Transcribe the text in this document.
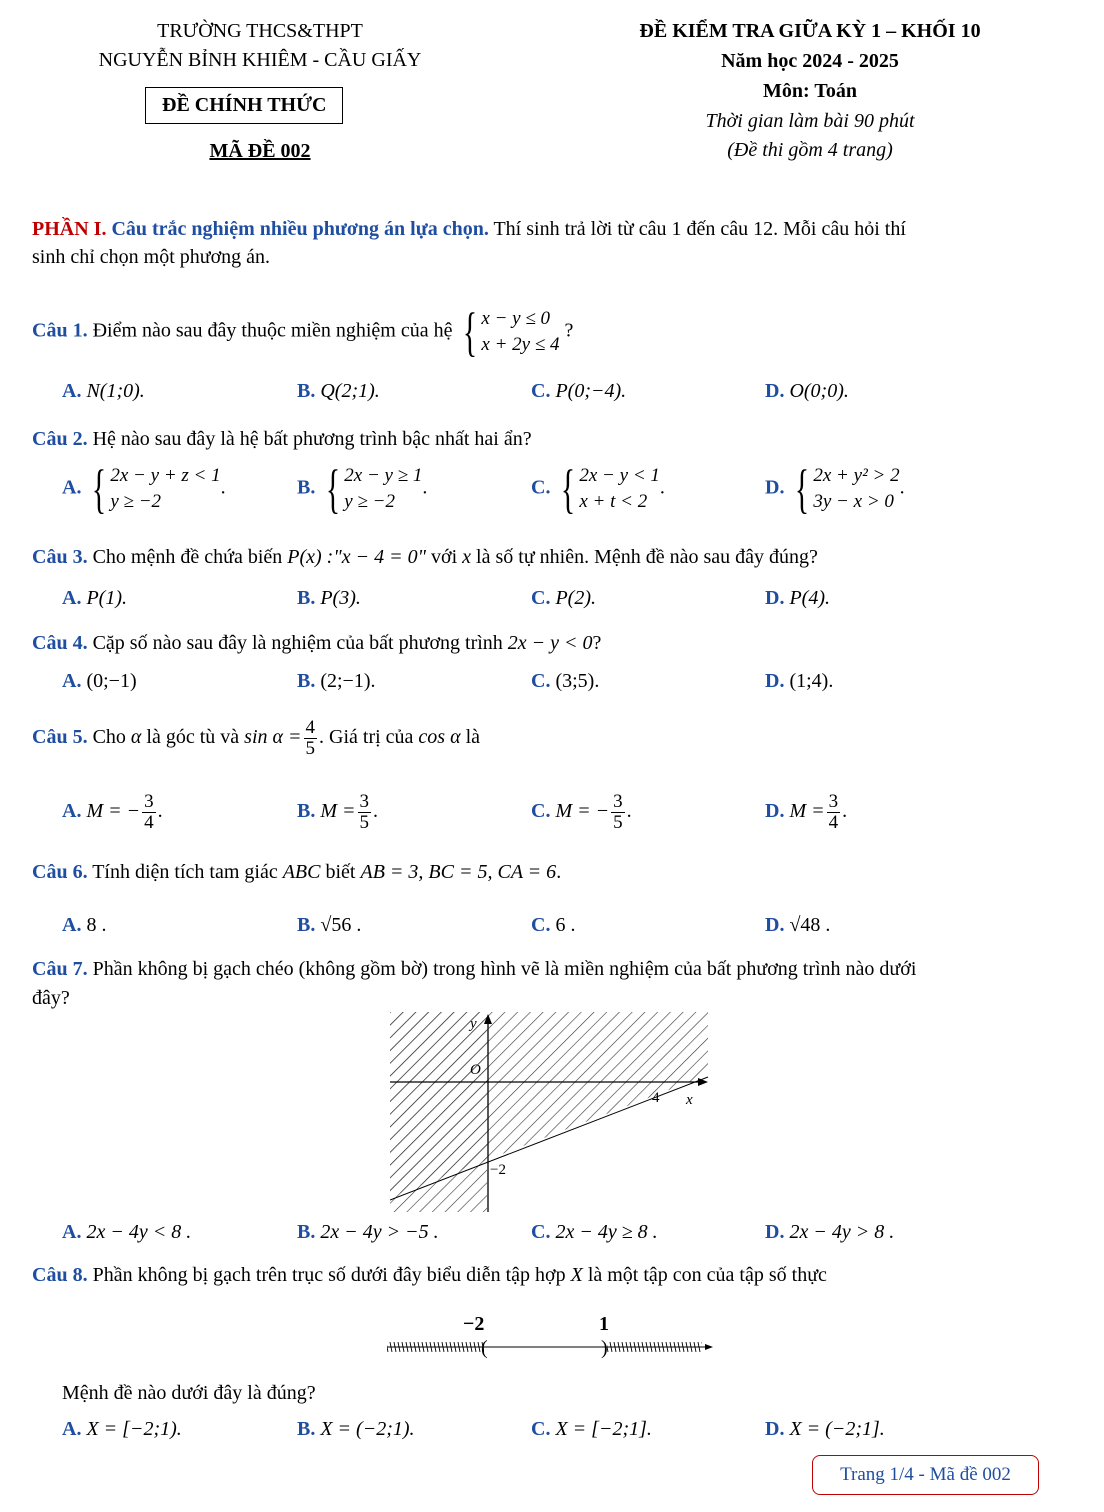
TRƯỜNG THCS&THPT
NGUYỄN BỈNH KHIÊM - CẦU GIẤY
ĐỀ CHÍNH THỨC
MÃ ĐỀ 002
ĐỀ KIỂM TRA GIỮA KỲ 1 – KHỐI 10
Năm học 2024 - 2025
Môn: Toán
Thời gian làm bài 90 phút
(Đề thi gồm 4 trang)
PHẦN I. Câu trắc nghiệm nhiều phương án lựa chọn. Thí sinh trả lời từ câu 1 đến câu 12. Mỗi câu hỏi thí
sinh chỉ chọn một phương án.
Câu 1. Điểm nào sau đây thuộc miền nghiệm của hệ { x − y ≤ 0
x + 2y ≤ 4
?
A. N(1;0).	B. Q(2;1).	C. P(0;−4).	D. O(0;0).
Câu 2. Hệ nào sau đây là hệ bất phương trình bậc nhất hai ẩn?
A. { 2x − y + z < 1
y ≥ −2
.	B. { 2x − y ≥ 1
y ≥ −2
.	C. { 2x − y < 1
x + t < 2
.	D. { 2x + y² > 2
3y − x > 0
.
Câu 3. Cho mệnh đề chứa biến P(x) :"x − 4 = 0" với x là số tự nhiên. Mệnh đề nào sau đây đúng?
A. P(1).	B. P(3).	C. P(2).	D. P(4).
Câu 4. Cặp số nào sau đây là nghiệm của bất phương trình 2x − y < 0?
A. (0;−1)	B. (2;−1).	C. (3;5).	D. (1;4).
Câu 5. Cho α là góc tù và $\sin \alpha = \frac{4}{5}$ . Giá trị của cos α là
A. M = − $\frac{3}{4}$ .	B. $M = \frac{3}{5}$ .	C. M = − $\frac{3}{5}$ .	D. $M = \frac{3}{4}$ .
Câu 6. Tính diện tích tam giác ABC biết AB = 3, BC = 5, CA = 6.
A. 8 .	B. √56 .	C. 6 .	D. √48 .
Câu 7. Phần không bị gạch chéo (không gồm bờ) trong hình vẽ là miền nghiệm của bất phương trình nào dưới
đây?
y
x
O
4
−2
A. 2x − 4y < 8 .	B. 2x − 4y > −5 .	C. 2x − 4y ≥ 8 .	D. 2x − 4y > 8 .
Câu 8. Phần không bị gạch trên trục số dưới đây biểu diễn tập hợp X là một tập con của tập số thực
−2	1
(	)
Mệnh đề nào dưới đây là đúng?
A. X = [−2;1).	B. X = (−2;1).	C. X = [−2;1].	D. X = (−2;1].
Trang 1/4 - Mã đề 002
